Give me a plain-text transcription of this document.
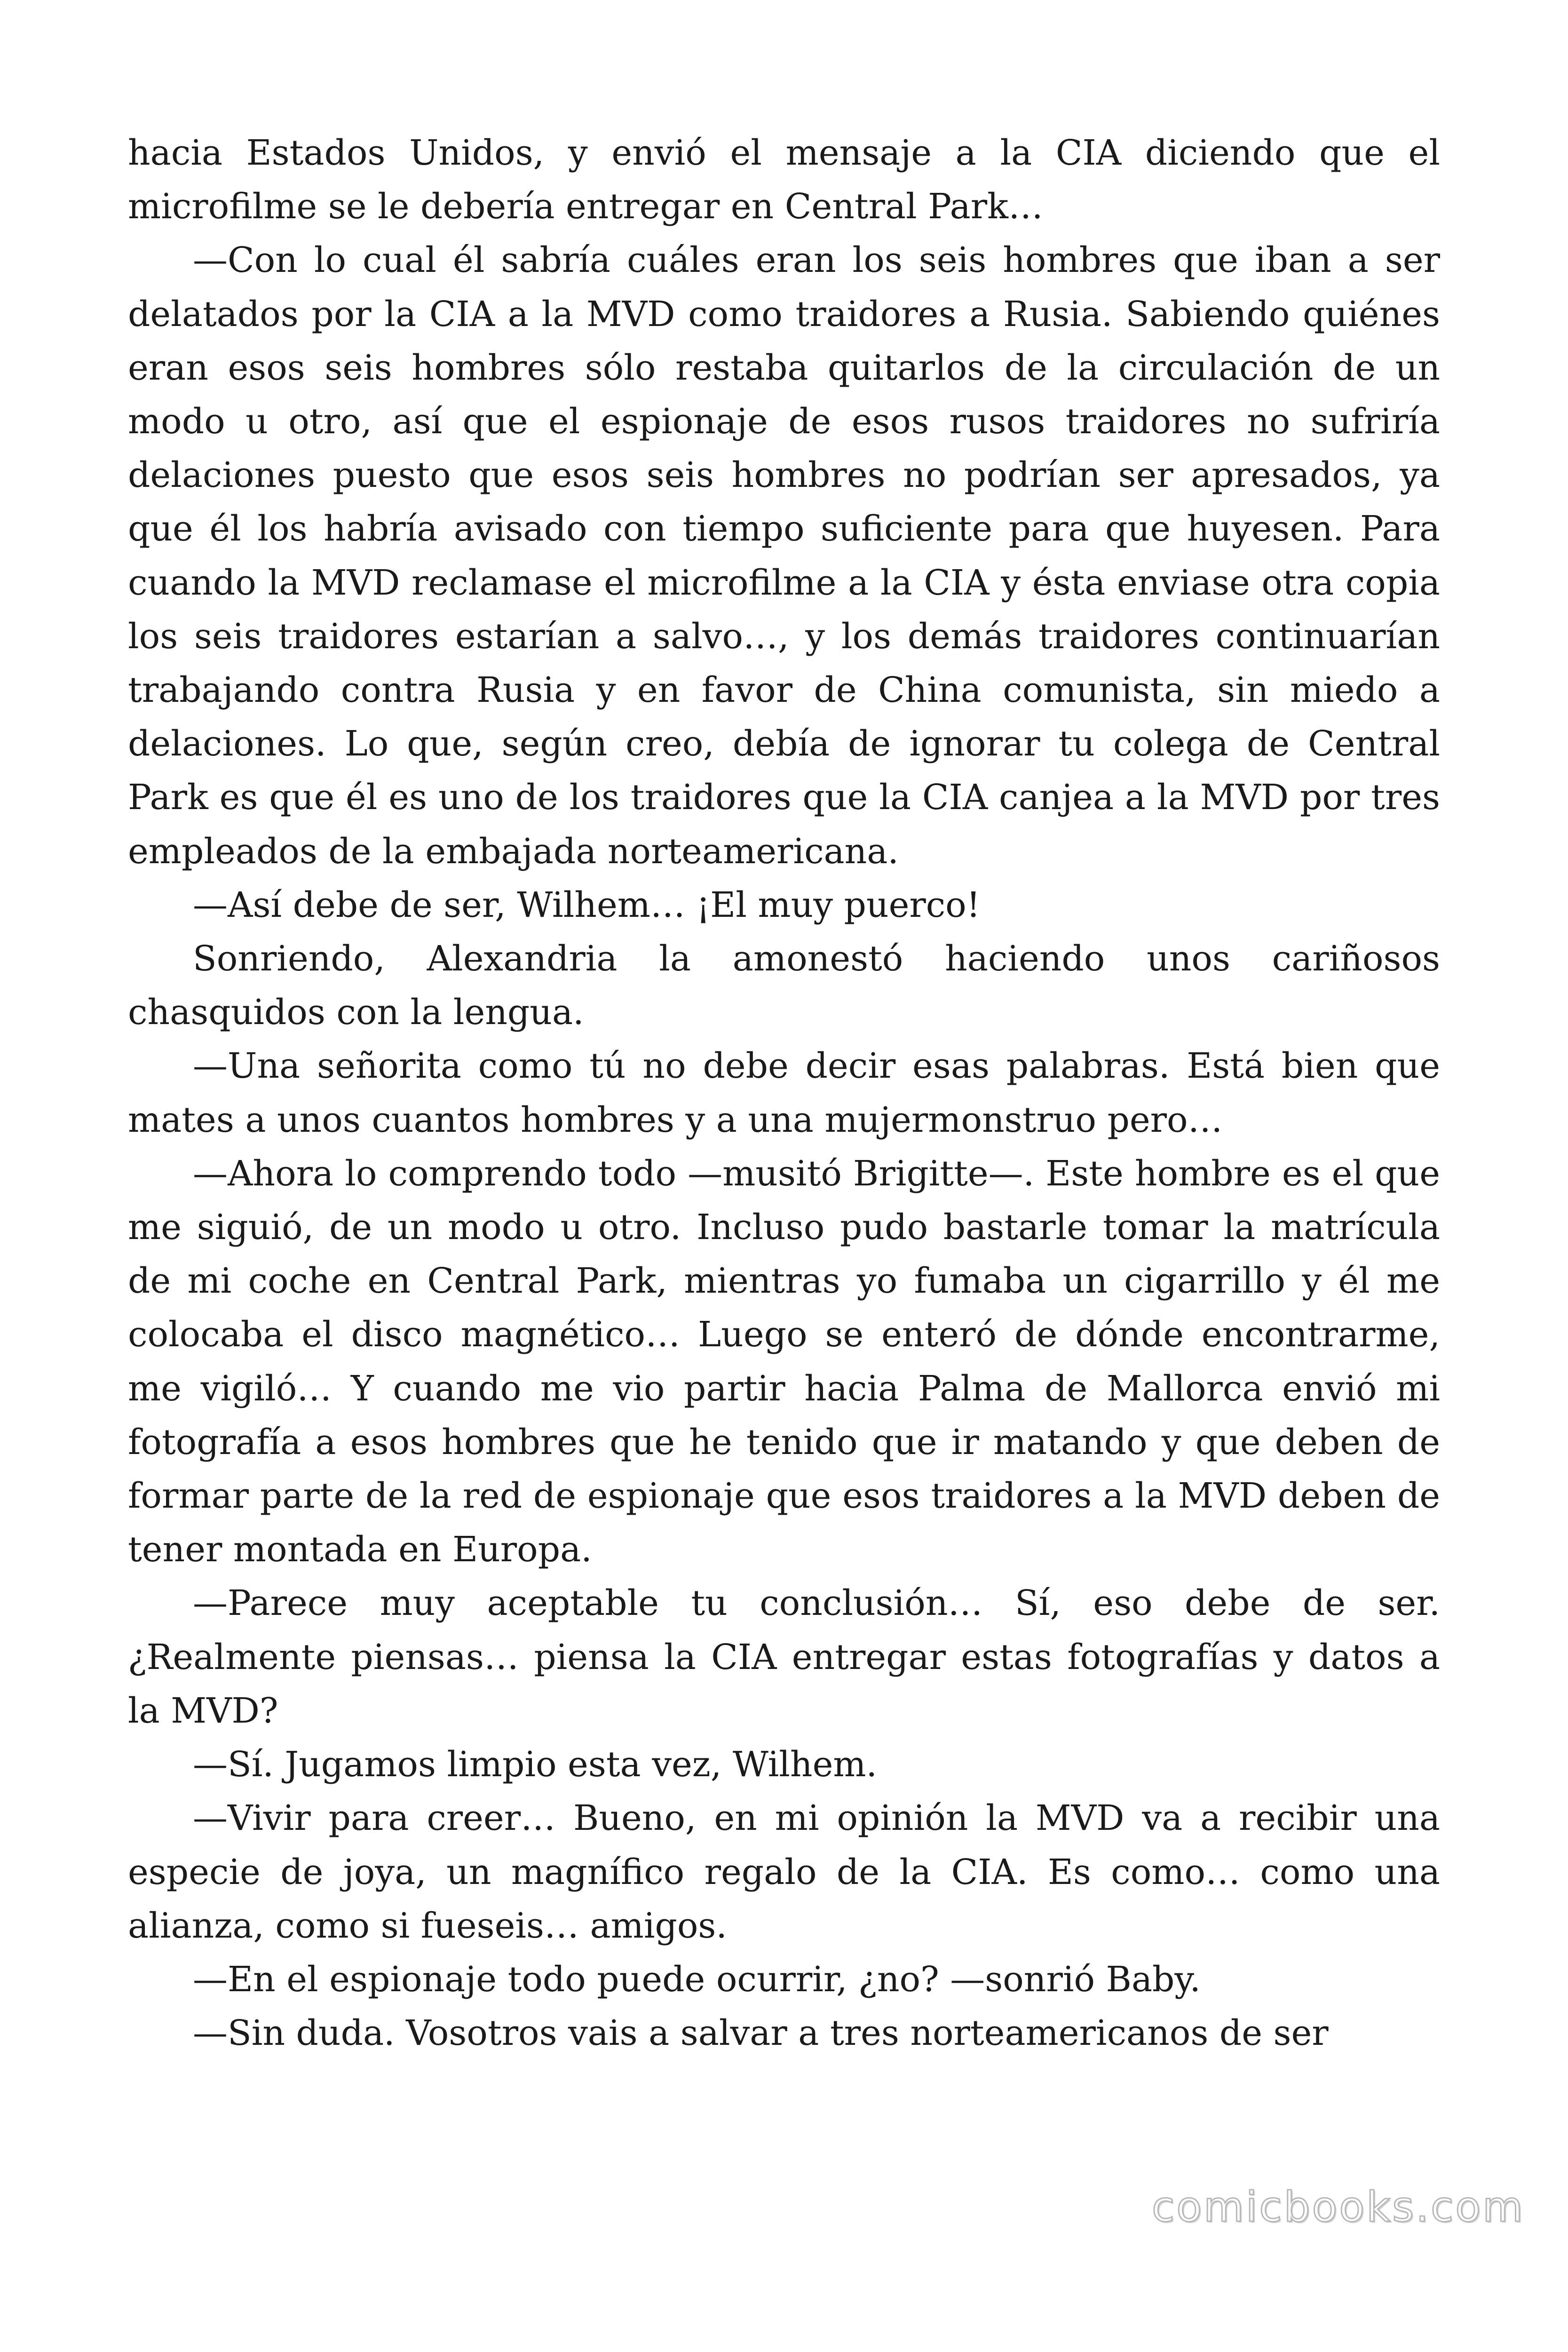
hacia Estados Unidos, y envió el mensaje a la CIA diciendo que el microfilme se le debería entregar en Central Park…

—Con lo cual él sabría cuáles eran los seis hombres que iban a ser delatados por la CIA a la MVD como traidores a Rusia. Sabiendo quiénes eran esos seis hombres sólo restaba quitarlos de la circulación de un modo u otro, así que el espionaje de esos rusos traidores no sufriría delaciones puesto que esos seis hombres no podrían ser apresados, ya que él los habría avisado con tiempo suficiente para que huyesen. Para cuando la MVD reclamase el microfilme a la CIA y ésta enviase otra copia los seis traidores estarían a salvo…, y los demás traidores continuarían trabajando contra Rusia y en favor de China comunista, sin miedo a delaciones. Lo que, según creo, debía de ignorar tu colega de Central Park es que él es uno de los traidores que la CIA canjea a la MVD por tres empleados de la embajada norteamericana.

—Así debe de ser, Wilhem… ¡El muy puerco!

Sonriendo, Alexandria la amonestó haciendo unos cariñosos chasquidos con la lengua.

—Una señorita como tú no debe decir esas palabras. Está bien que mates a unos cuantos hombres y a una mujermonstruo pero…

—Ahora lo comprendo todo —musitó Brigitte—. Este hombre es el que me siguió, de un modo u otro. Incluso pudo bastarle tomar la matrícula de mi coche en Central Park, mientras yo fumaba un cigarrillo y él me colocaba el disco magnético… Luego se enteró de dónde encontrarme, me vigiló… Y cuando me vio partir hacia Palma de Mallorca envió mi fotografía a esos hombres que he tenido que ir matando y que deben de formar parte de la red de espionaje que esos traidores a la MVD deben de tener montada en Europa.

—Parece muy aceptable tu conclusión… Sí, eso debe de ser. ¿Realmente piensas… piensa la CIA entregar estas fotografías y datos a la MVD?

—Sí. Jugamos limpio esta vez, Wilhem.

—Vivir para creer… Bueno, en mi opinión la MVD va a recibir una especie de joya, un magnífico regalo de la CIA. Es como… como una alianza, como si fueseis… amigos.

—En el espionaje todo puede ocurrir, ¿no? —sonrió Baby.

—Sin duda. Vosotros vais a salvar a tres norteamericanos de ser

comicbooks.com
